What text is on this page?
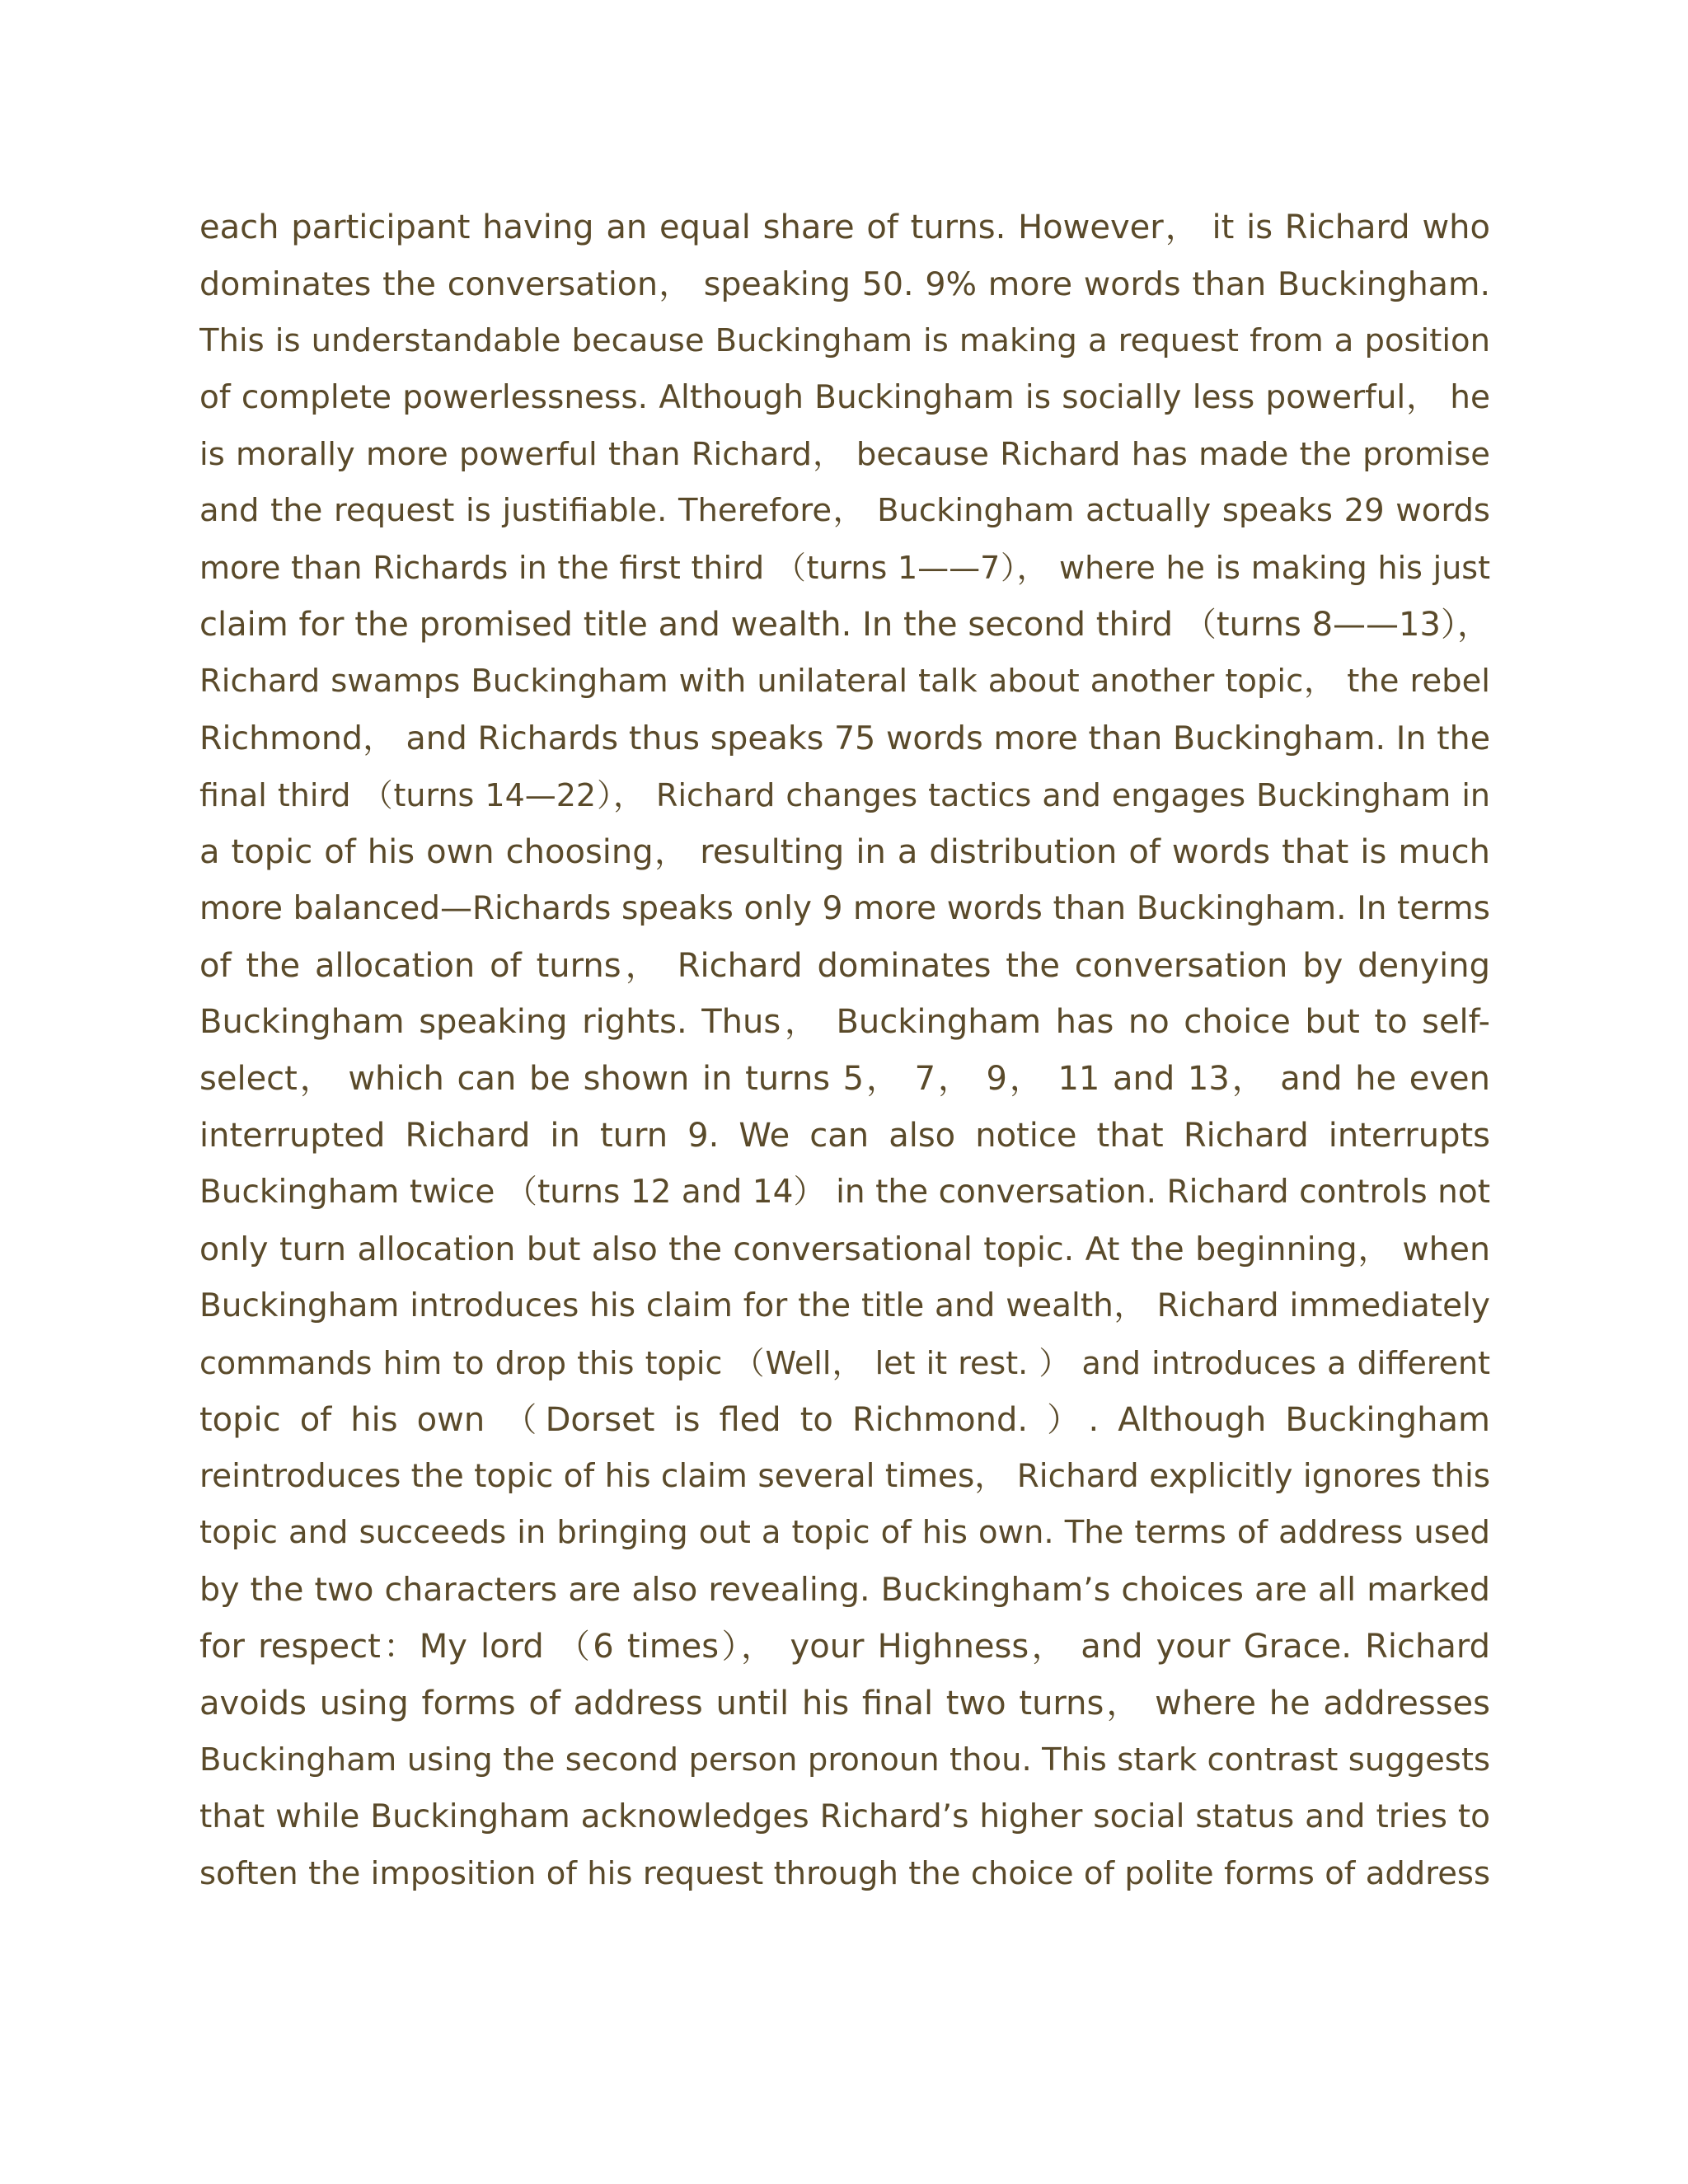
each participant having an equal share of turns. However， it is Richard who
dominates the conversation， speaking 50. 9% more words than Buckingham.
This is understandable because Buckingham is making a request from a position
of complete powerlessness. Although Buckingham is socially less powerful， he
is morally more powerful than Richard， because Richard has made the promise
and the request is justifiable. Therefore， Buckingham actually speaks 29 words
more than Richards in the first third （turns 1——7）， where he is making his just
claim for the promised title and wealth. In the second third （turns 8——13），
Richard swamps Buckingham with unilateral talk about another topic， the rebel
Richmond， and Richards thus speaks 75 words more than Buckingham. In the
final third （turns 14—22）， Richard changes tactics and engages Buckingham in
a topic of his own choosing， resulting in a distribution of words that is much
more balanced—Richards speaks only 9 more words than Buckingham. In terms
of the allocation of turns， Richard dominates the conversation by denying
Buckingham speaking rights. Thus， Buckingham has no choice but to self-
select， which can be shown in turns 5， 7， 9， 11 and 13， and he even
interrupted Richard in turn 9. We can also notice that Richard interrupts
Buckingham twice （turns 12 and 14） in the conversation. Richard controls not
only turn allocation but also the conversational topic. At the beginning， when
Buckingham introduces his claim for the title and wealth， Richard immediately
commands him to drop this topic （Well， let it rest. ） and introduces a different
topic of his own （Dorset is fled to Richmond. ）. Although Buckingham
reintroduces the topic of his claim several times， Richard explicitly ignores this
topic and succeeds in bringing out a topic of his own. The terms of address used
by the two characters are also revealing. Buckingham’s choices are all marked
for respect：My lord （6 times）， your Highness， and your Grace. Richard
avoids using forms of address until his final two turns， where he addresses
Buckingham using the second person pronoun thou. This stark contrast suggests
that while Buckingham acknowledges Richard’s higher social status and tries to
soften the imposition of his request through the choice of polite forms of address
